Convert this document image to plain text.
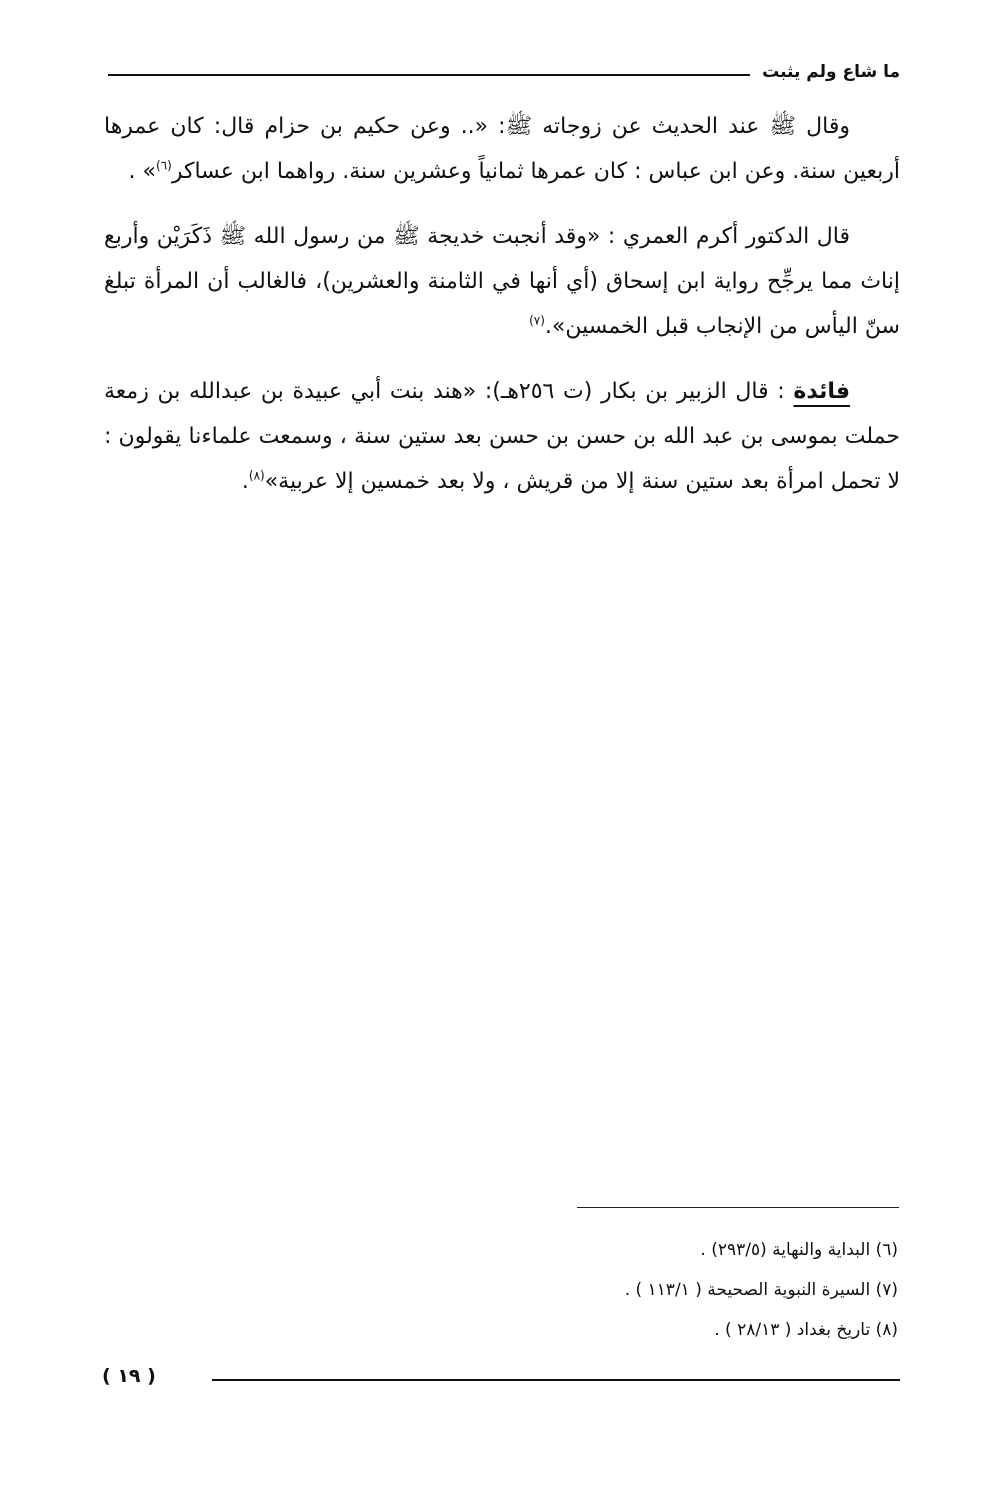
ما شاع ولم يثبت

وقال ﷺ عند الحديث عن زوجاته ﷺ: «.. وعن حكيم بن حزام قال: كان عمرها أربعين سنة. وعن ابن عباس : كان عمرها ثمانياً وعشرين سنة. رواهما ابن عساكر$^{(٦)}$» .

قال الدكتور أكرم العمري : «وقد أنجبت خديجة ﷺ من رسول الله ﷺ ذَكَرَيْن وأربع إناث مما يرجِّح رواية ابن إسحاق (أي أنها في الثامنة والعشرين)، فالغالب أن المرأة تبلغ سنّ اليأس من الإنجاب قبل الخمسين».$^{(٧)}$

فائدة : قال الزبير بن بكار (ت ٢٥٦هـ): «هند بنت أبي عبيدة بن عبدالله بن زمعة حملت بموسى بن عبد الله بن حسن بن حسن بعد ستين سنة ، وسمعت علماءنا يقولون : لا تحمل امرأة بعد ستين سنة إلا من قريش ، ولا بعد خمسين إلا عربية»$^{(٨)}$.

(٦) البداية والنهاية (٢٩٣/٥) .

(٧) السيرة النبوية الصحيحة ( ١١٣/١ ) .

(٨) تاريخ بغداد ( ٢٨/١٣ ) .

( ١٩ )
